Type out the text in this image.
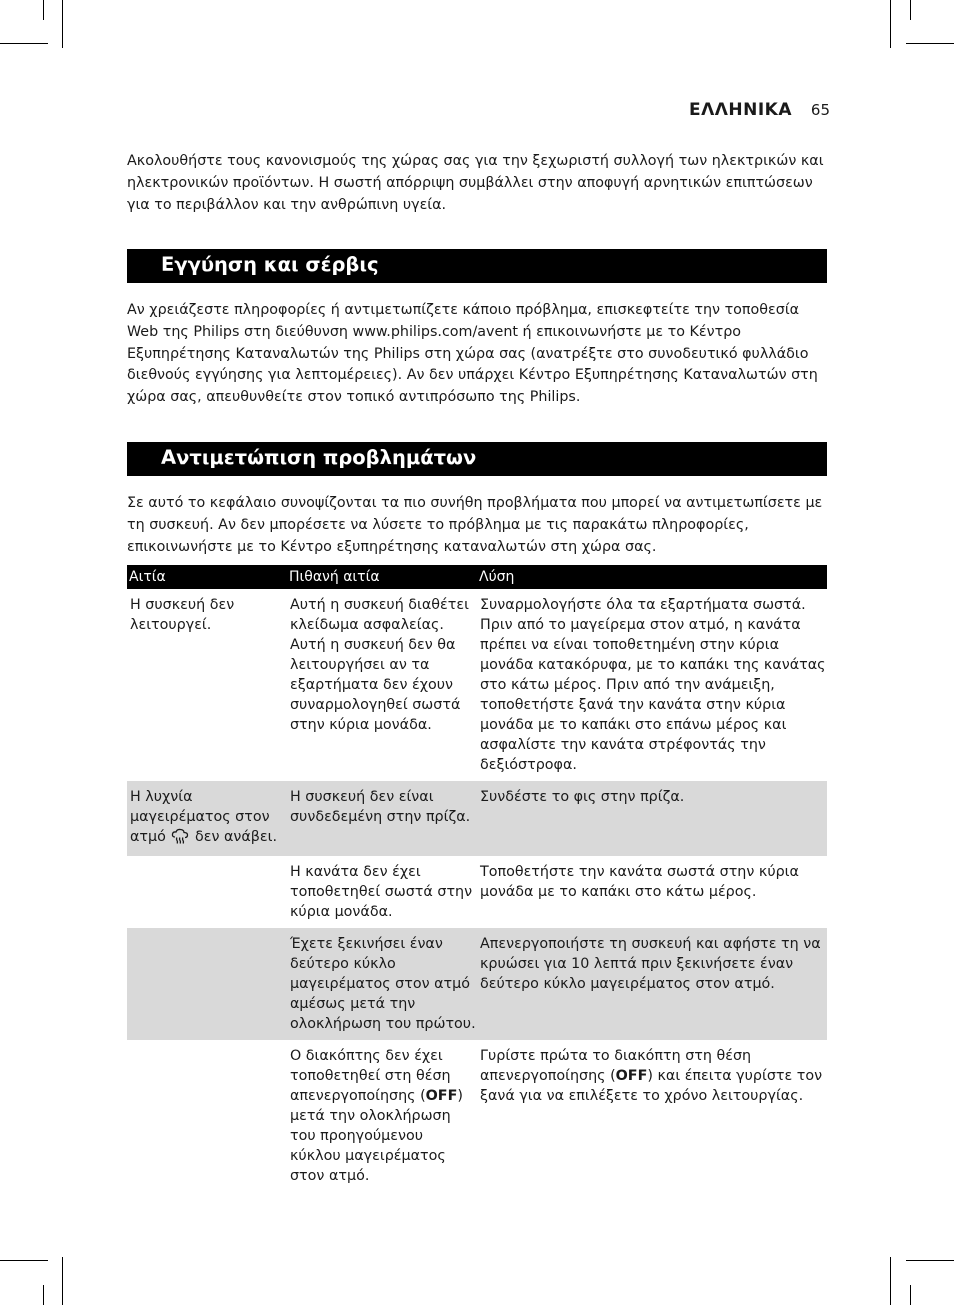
ΕΛΛΗΝΙΚΑ 65

Ακολουθήστε τους κανονισμούς της χώρας σας για την ξεχωριστή συλλογή των ηλεκτρικών και ηλεκτρονικών προϊόντων. Η σωστή απόρριψη συμβάλλει στην αποφυγή αρνητικών επιπτώσεων για το περιβάλλον και την ανθρώπινη υγεία.

Εγγύηση και σέρβις

Αν χρειάζεστε πληροφορίες ή αντιμετωπίζετε κάποιο πρόβλημα, επισκεφτείτε την τοποθεσία Web της Philips στη διεύθυνση www.philips.com/avent ή επικοινωνήστε με το Κέντρο Εξυπηρέτησης Καταναλωτών της Philips στη χώρα σας (ανατρέξτε στο συνοδευτικό φυλλάδιο διεθνούς εγγύησης για λεπτομέρειες). Αν δεν υπάρχει Κέντρο Εξυπηρέτησης Καταναλωτών στη χώρα σας, απευθυνθείτε στον τοπικό αντιπρόσωπο της Philips.

Αντιμετώπιση προβλημάτων

Σε αυτό το κεφάλαιο συνοψίζονται τα πιο συνήθη προβλήματα που μπορεί να αντιμετωπίσετε με τη συσκευή. Αν δεν μπορέσετε να λύσετε το πρόβλημα με τις παρακάτω πληροφορίες, επικοινωνήστε με το Κέντρο εξυπηρέτησης καταναλωτών στη χώρα σας.

Αιτία	Πιθανή αιτία	Λύση
Η συσκευή δεν λειτουργεί.	Αυτή η συσκευή διαθέτει κλείδωμα ασφαλείας. Αυτή η συσκευή δεν θα λειτουργήσει αν τα εξαρτήματα δεν έχουν συναρμολογηθεί σωστά στην κύρια μονάδα.	Συναρμολογήστε όλα τα εξαρτήματα σωστά. Πριν από το μαγείρεμα στον ατμό, η κανάτα πρέπει να είναι τοποθετημένη στην κύρια μονάδα κατακόρυφα, με το καπάκι της κανάτας στο κάτω μέρος. Πριν από την ανάμειξη, τοποθετήστε ξανά την κανάτα στην κύρια μονάδα με το καπάκι στο επάνω μέρος και ασφαλίστε την κανάτα στρέφοντάς την δεξιόστροφα.
Η λυχνία μαγειρέματος στον ατμό δεν ανάβει.	Η συσκευή δεν είναι συνδεδεμένη στην πρίζα.	Συνδέστε το φις στην πρίζα.
	Η κανάτα δεν έχει τοποθετηθεί σωστά στην κύρια μονάδα.	Τοποθετήστε την κανάτα σωστά στην κύρια μονάδα με το καπάκι στο κάτω μέρος.
	Έχετε ξεκινήσει έναν δεύτερο κύκλο μαγειρέματος στον ατμό αμέσως μετά την ολοκλήρωση του πρώτου.	Απενεργοποιήστε τη συσκευή και αφήστε τη να κρυώσει για 10 λεπτά πριν ξεκινήσετε έναν δεύτερο κύκλο μαγειρέματος στον ατμό.
	Ο διακόπτης δεν έχει τοποθετηθεί στη θέση απενεργοποίησης (OFF) μετά την ολοκλήρωση του προηγούμενου κύκλου μαγειρέματος στον ατμό.	Γυρίστε πρώτα το διακόπτη στη θέση απενεργοποίησης (OFF) και έπειτα γυρίστε τον ξανά για να επιλέξετε το χρόνο λειτουργίας.
